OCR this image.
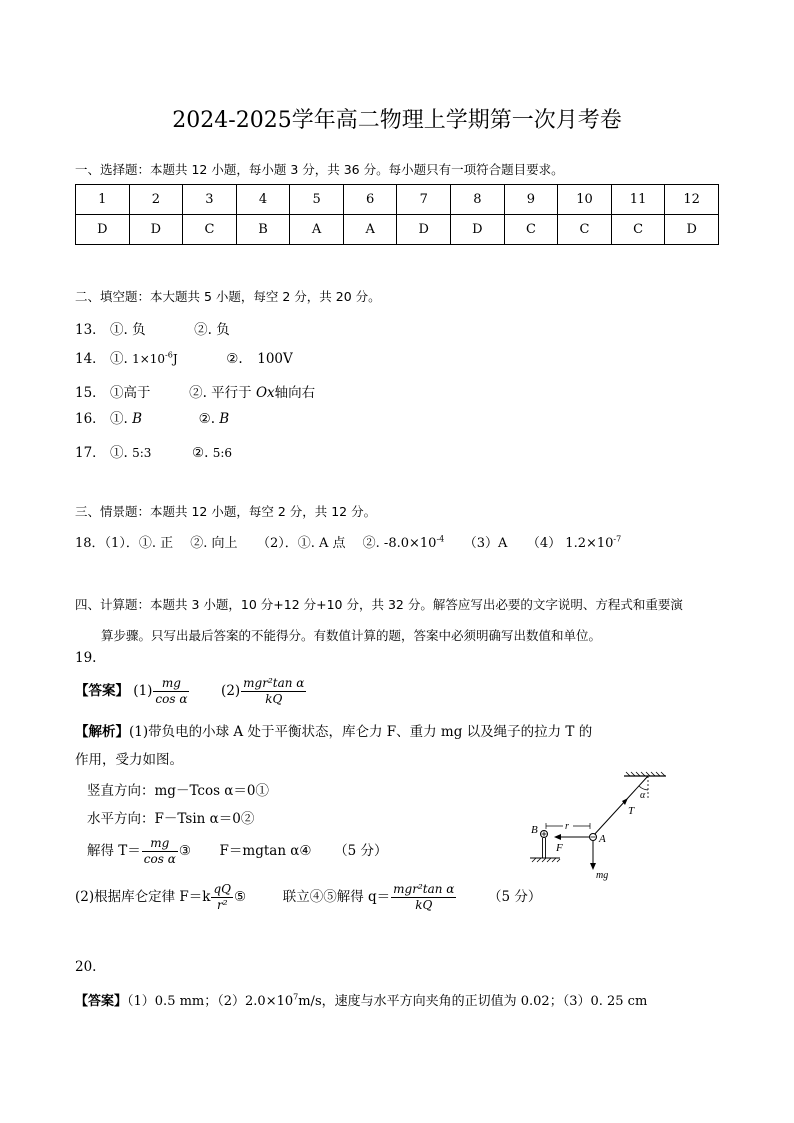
2024-2025学年高二物理上学期第一次月考卷
一、选择题：本题共 12 小题，每小题 3 分，共 36 分。每小题只有一项符合题目要求。
1	2	3	4	5	6	7	8	9	10	11	12
D	D	C	B	A	A	D	D	C	C	C	D
二、填空题：本大题共 5 小题，每空 2 分，共 20 分。
13． ①. 负	②. 负
14． ①. $1\times 10^{-6}J$	②. 100V
15． ①高于	②. 平行于 Ox轴向右
16． ①. B	②. B
17． ①. 5:3	②. 5:6
三、情景题：本题共 12 小题，每空 2 分，共 12 分。
18．（1）．①. 正　 ②. 向上　　（2）．①. A 点　 ②. $-8.0\times 10^{-4}$　　（3）A　　（4） $1.2\times 10^{-7}$
四、计算题：本题共 3 小题，10 分+12 分+10 分，共 32 分。解答应写出必要的文字说明、方程式和重要演
算步骤。只写出最后答案的不能得分。有数值计算的题，答案中必须明确写出数值和单位。
19.
【答案】 $(1) \frac{mg}{\text{cos α}} (2) \frac{\text{mgr²tan α}}{kQ}$
【解析】(1)带负电的小球 A 处于平衡状态，库仑力 F、重力 mg 以及绳子的拉力 T 的
作用，受力如图。
竖直方向：mg－Tcos α＝0①
水平方向：F－Tsin α＝0②
解得 $T= \frac{mg}{\text{cos α}}$ ③ F＝mgtan α④ （5 分）
(2)根据库仑定律 $F=k \frac{qQ}{\text{r²}}$ ⑤	联立④⑤解得 $q= \frac{\text{mgr²tan α}}{kQ} (5$ 分）
α
T
A
mg
F
r
B
20.
【答案】（1）0.5 mm；$(2)2.0\times 10^7m/s$，速度与水平方向夹角的正切值为 0.02；（3）0. 25 cm
